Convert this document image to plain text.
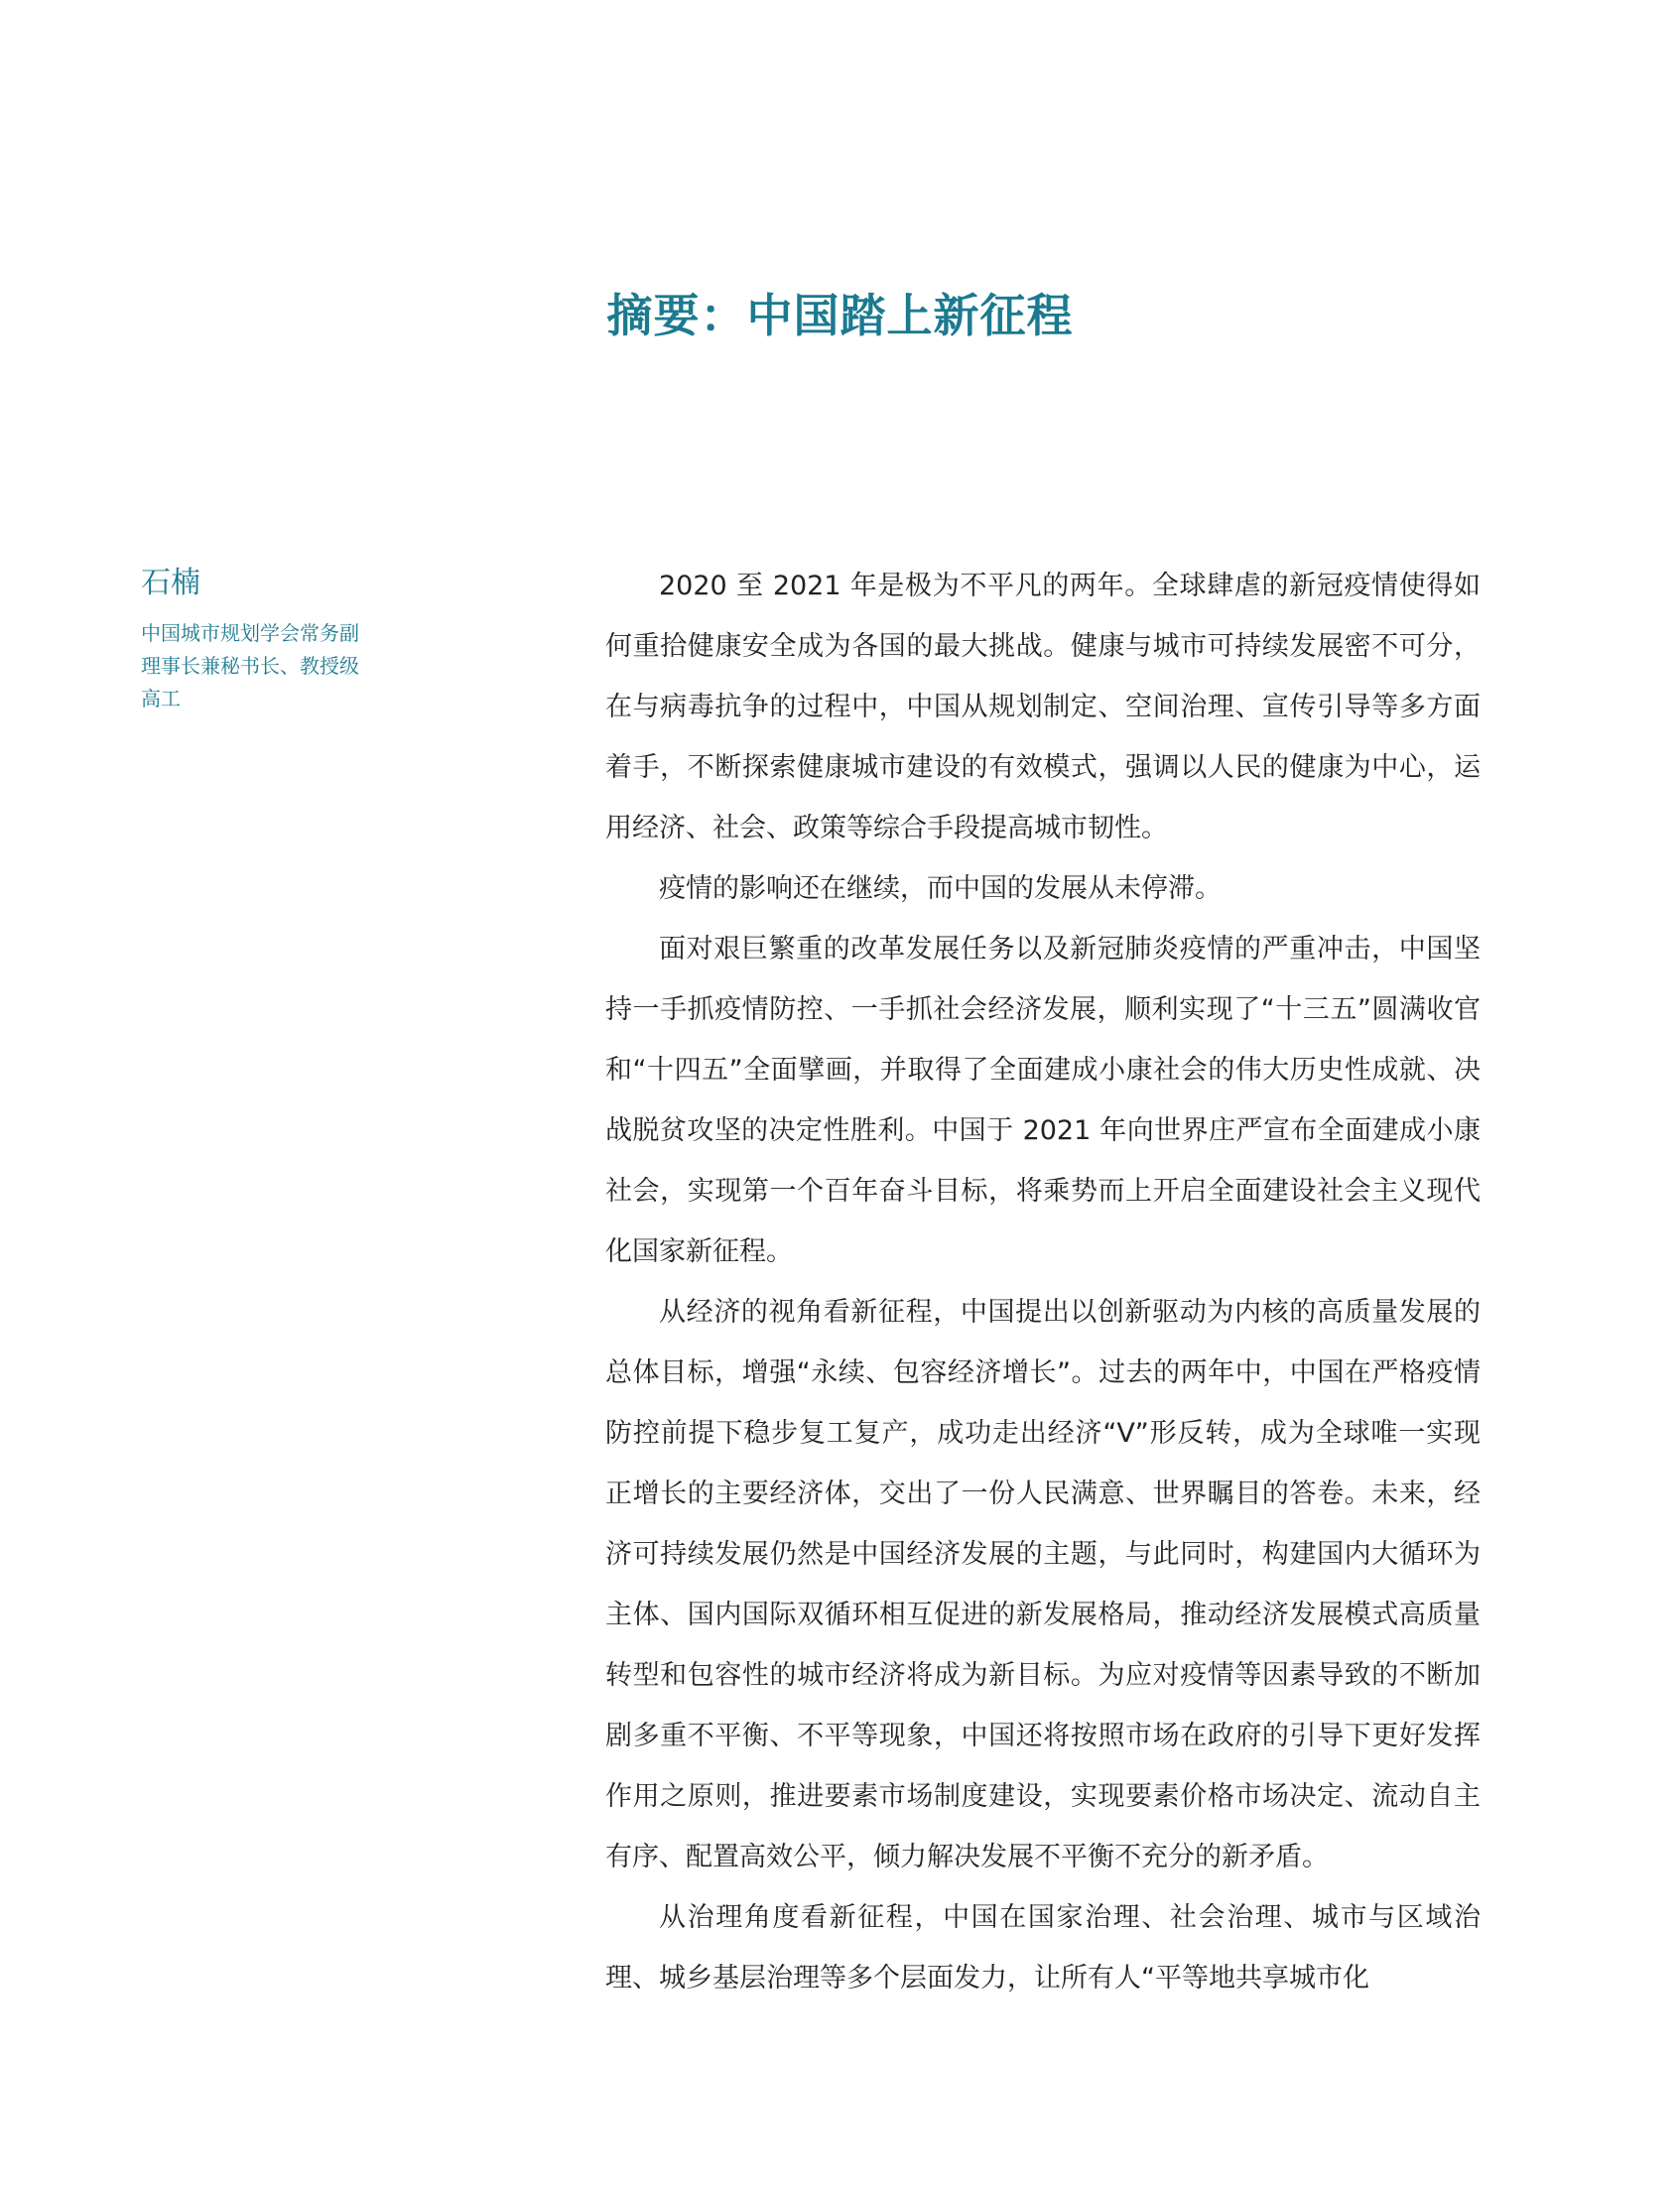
摘要：中国踏上新征程
石楠

中国城市规划学会常务副
理事长兼秘书长、教授级
高工

2020 至 2021 年是极为不平凡的两年。全球肆虐的新冠疫情使得如何重拾健康安全成为各国的最大挑战。健康与城市可持续发展密不可分，在与病毒抗争的过程中，中国从规划制定、空间治理、宣传引导等多方面着手，不断探索健康城市建设的有效模式，强调以人民的健康为中心，运用经济、社会、政策等综合手段提高城市韧性。

疫情的影响还在继续，而中国的发展从未停滞。

面对艰巨繁重的改革发展任务以及新冠肺炎疫情的严重冲击，中国坚持一手抓疫情防控、一手抓社会经济发展，顺利实现了“十三五”圆满收官和“十四五”全面擘画，并取得了全面建成小康社会的伟大历史性成就、决战脱贫攻坚的决定性胜利。中国于 2021 年向世界庄严宣布全面建成小康社会，实现第一个百年奋斗目标，将乘势而上开启全面建设社会主义现代化国家新征程。

从经济的视角看新征程，中国提出以创新驱动为内核的高质量发展的总体目标，增强“永续、包容经济增长”。过去的两年中，中国在严格疫情防控前提下稳步复工复产，成功走出经济“V”形反转，成为全球唯一实现正增长的主要经济体，交出了一份人民满意、世界瞩目的答卷。未来，经济可持续发展仍然是中国经济发展的主题，与此同时，构建国内大循环为主体、国内国际双循环相互促进的新发展格局，推动经济发展模式高质量转型和包容性的城市经济将成为新目标。为应对疫情等因素导致的不断加剧多重不平衡、不平等现象，中国还将按照市场在政府的引导下更好发挥作用之原则，推进要素市场制度建设，实现要素价格市场决定、流动自主有序、配置高效公平，倾力解决发展不平衡不充分的新矛盾。

从治理角度看新征程，中国在国家治理、社会治理、城市与区域治理、城乡基层治理等多个层面发力，让所有人“平等地共享城市化
